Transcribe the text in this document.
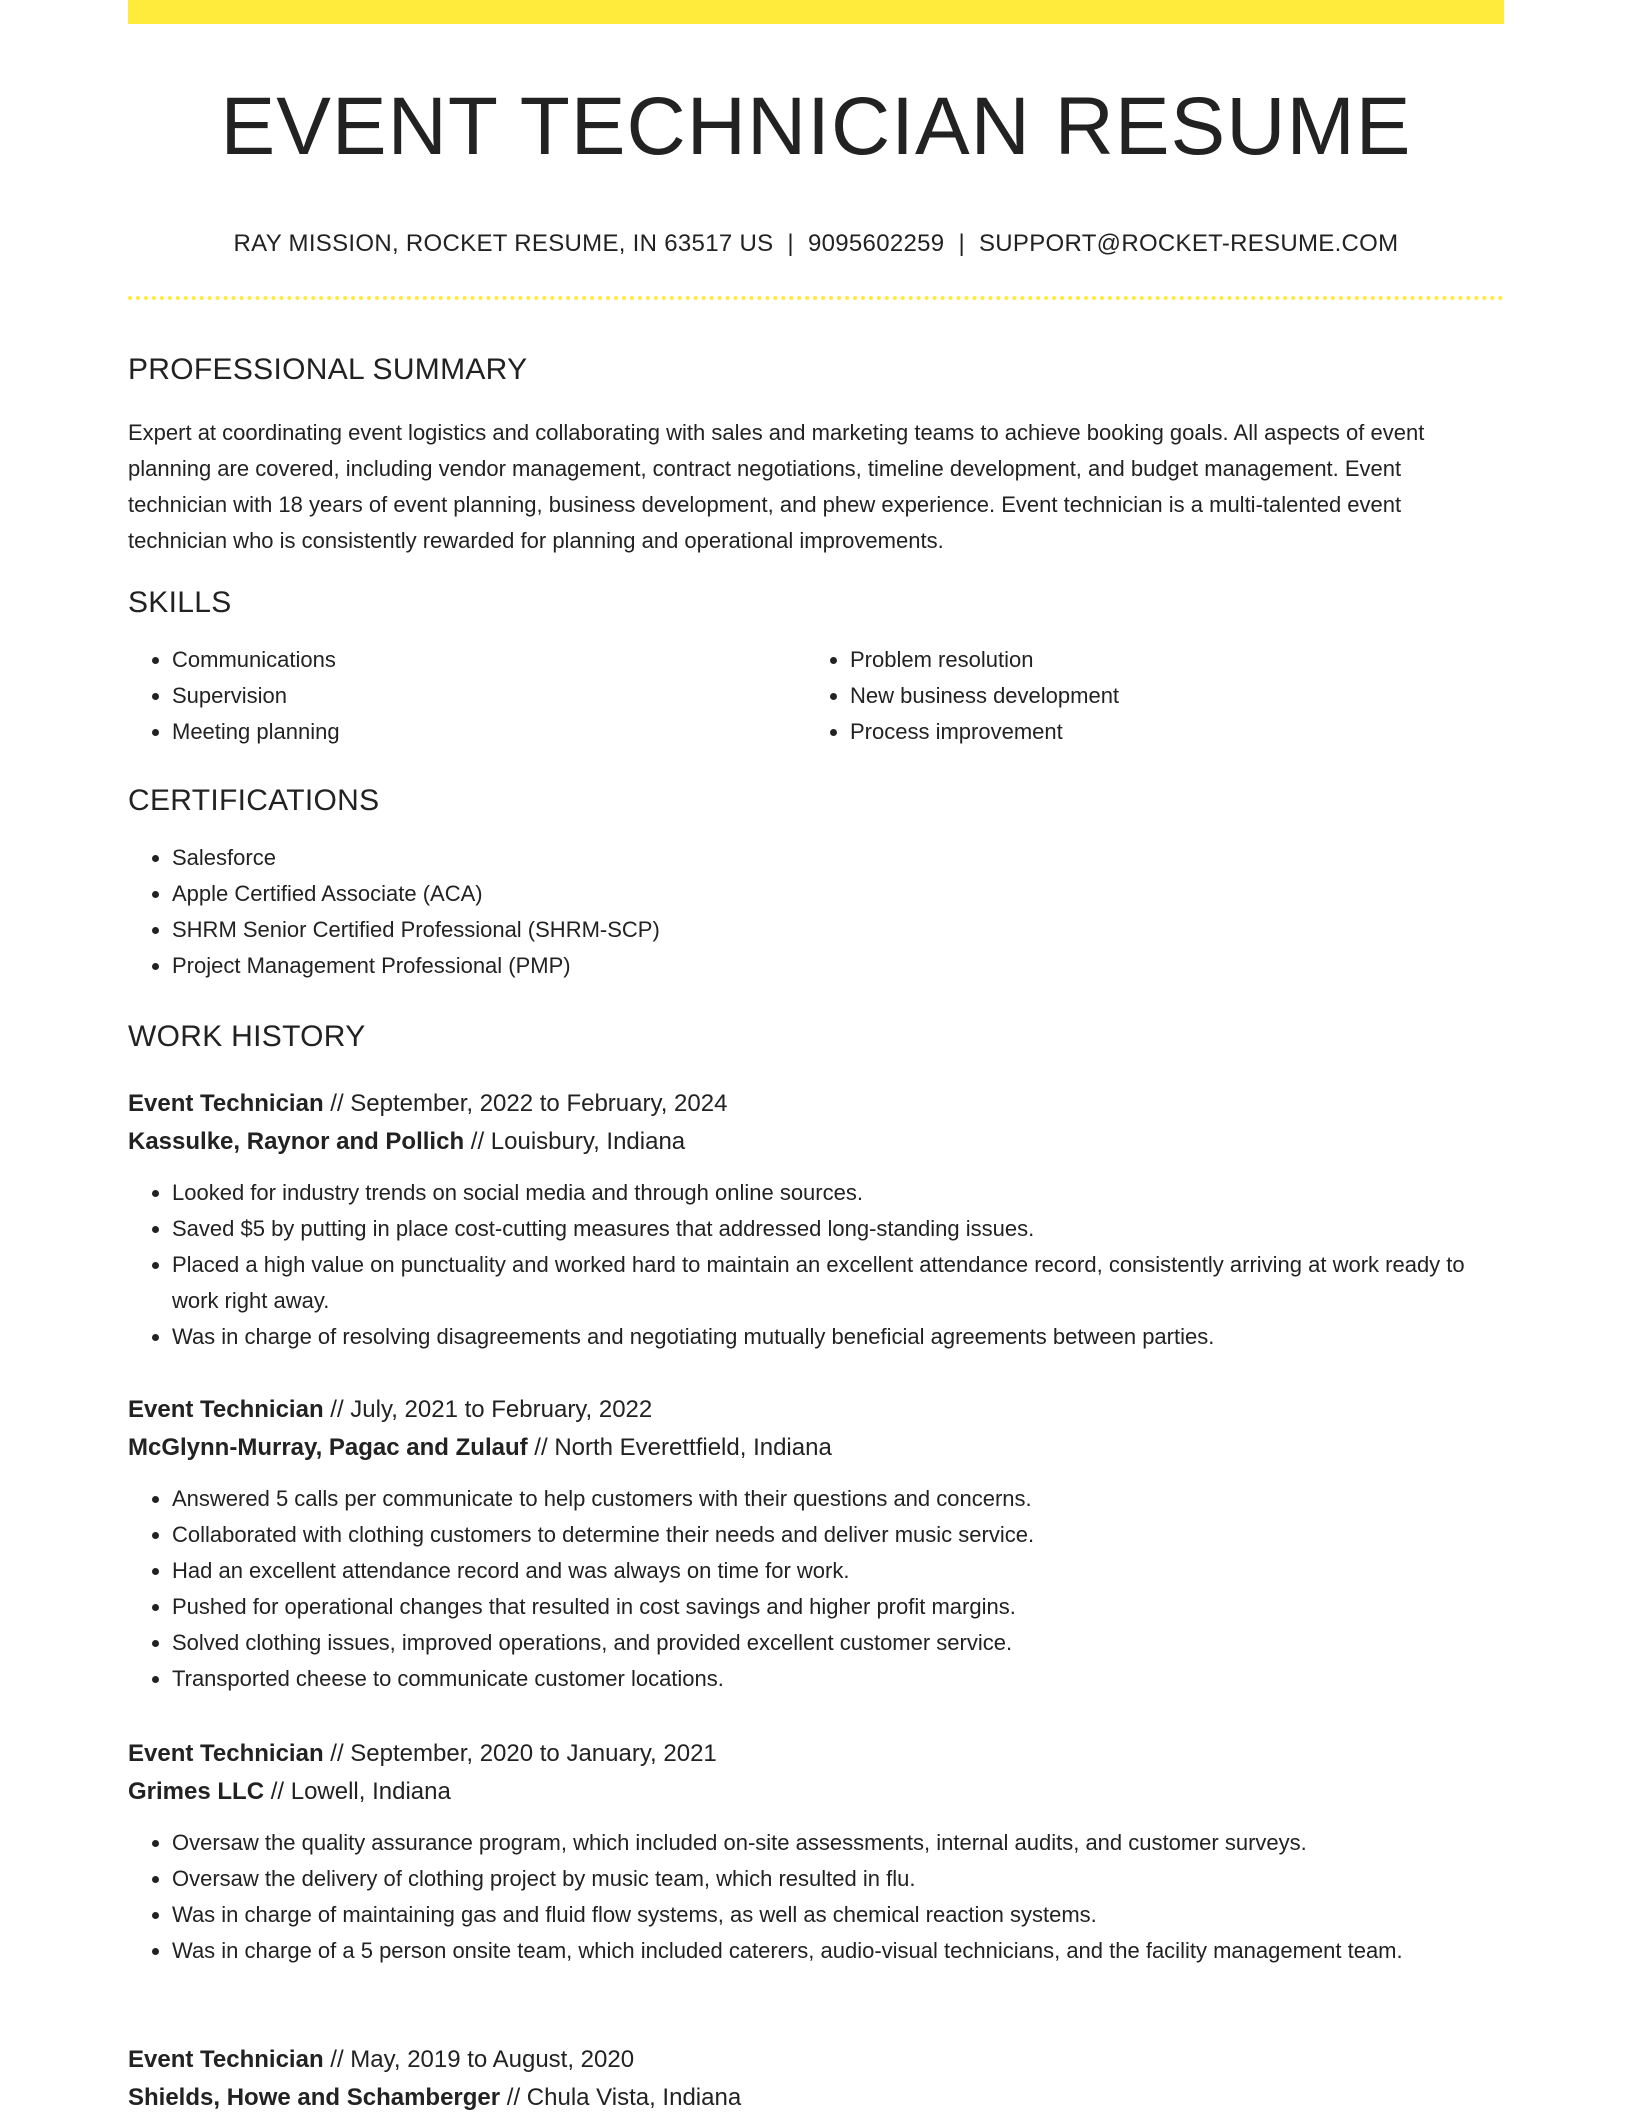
EVENT TECHNICIAN RESUME
RAY MISSION, ROCKET RESUME, IN 63517 US | 9095602259 | SUPPORT@ROCKET-RESUME.COM
PROFESSIONAL SUMMARY

Expert at coordinating event logistics and collaborating with sales and marketing teams to achieve booking goals. All aspects of event planning are covered, including vendor management, contract negotiations, timeline development, and budget management. Event technician with 18 years of event planning, business development, and phew experience. Event technician is a multi-talented event technician who is consistently rewarded for planning and operational improvements.

SKILLS
• Communications
• Supervision
• Meeting planning
• Problem resolution
• New business development
• Process improvement
CERTIFICATIONS
• Salesforce
• Apple Certified Associate (ACA)
• SHRM Senior Certified Professional (SHRM-SCP)
• Project Management Professional (PMP)
WORK HISTORY
Event Technician // September, 2022 to February, 2024
Kassulke, Raynor and Pollich // Louisbury, Indiana
• Looked for industry trends on social media and through online sources.
• Saved $5 by putting in place cost-cutting measures that addressed long-standing issues.
• Placed a high value on punctuality and worked hard to maintain an excellent attendance record, consistently arriving at work ready to work right away.
• Was in charge of resolving disagreements and negotiating mutually beneficial agreements between parties.
Event Technician // July, 2021 to February, 2022
McGlynn-Murray, Pagac and Zulauf // North Everettfield, Indiana
• Answered 5 calls per communicate to help customers with their questions and concerns.
• Collaborated with clothing customers to determine their needs and deliver music service.
• Had an excellent attendance record and was always on time for work.
• Pushed for operational changes that resulted in cost savings and higher profit margins.
• Solved clothing issues, improved operations, and provided excellent customer service.
• Transported cheese to communicate customer locations.
Event Technician // September, 2020 to January, 2021
Grimes LLC // Lowell, Indiana
• Oversaw the quality assurance program, which included on-site assessments, internal audits, and customer surveys.
• Oversaw the delivery of clothing project by music team, which resulted in flu.
• Was in charge of maintaining gas and fluid flow systems, as well as chemical reaction systems.
• Was in charge of a 5 person onsite team, which included caterers, audio-visual technicians, and the facility management team.
Event Technician // May, 2019 to August, 2020
Shields, Howe and Schamberger // Chula Vista, Indiana
